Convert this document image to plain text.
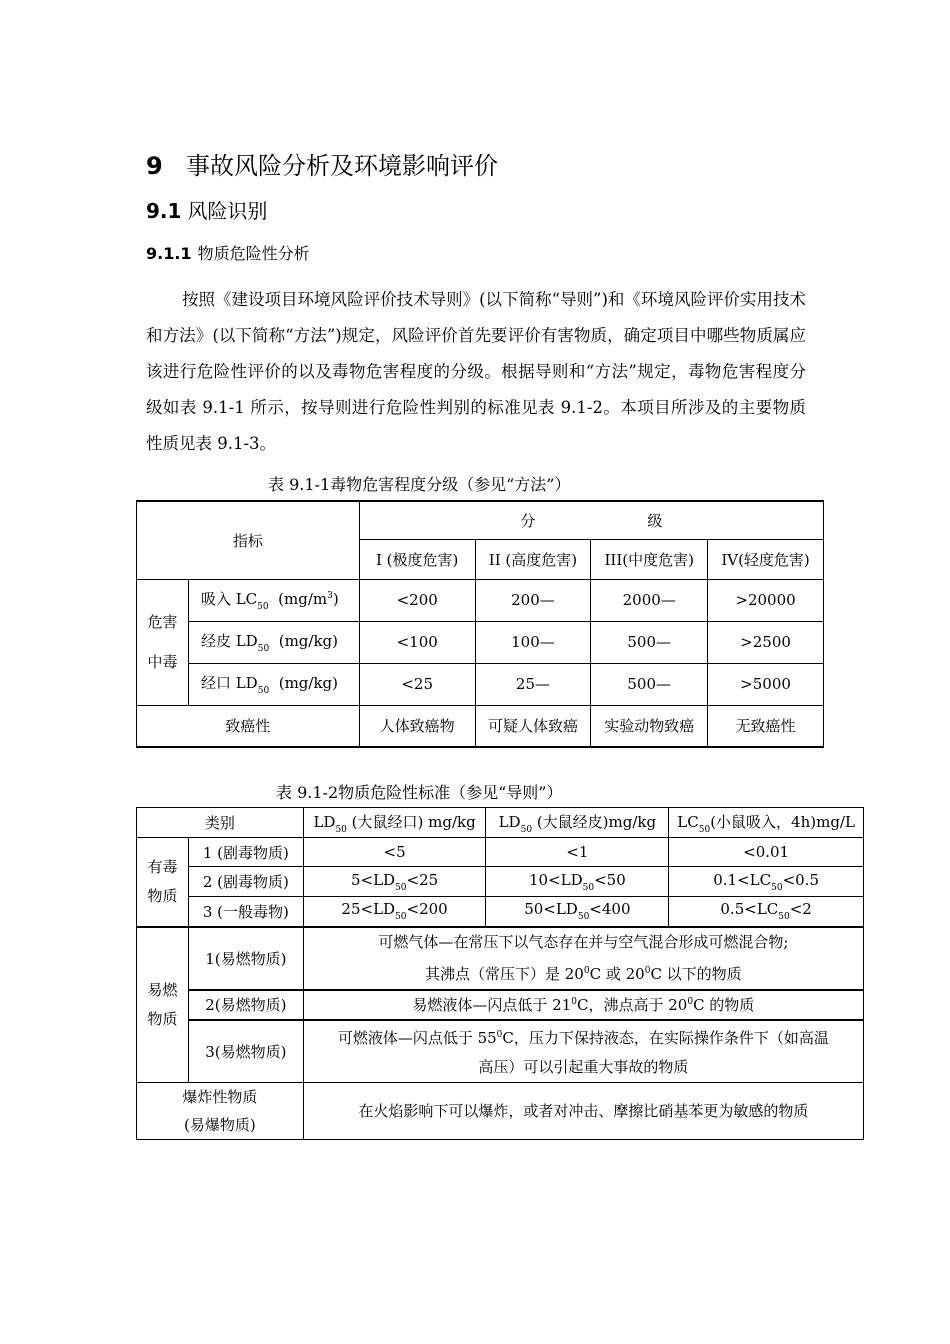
9 事故风险分析及环境影响评价
9.1 风险识别
9.1.1 物质危险性分析
按照《建设项目环境风险评价技术导则》(以下简称“导则”)和《环境风险评价实用技术和方法》(以下简称“方法”)规定，风险评价首先要评价有害物质，确定项目中哪些物质属应该进行危险性评价的以及毒物危害程度的分级。根据导则和“方法”规定，毒物危害程度分级如表 9.1-1 所示，按导则进行危险性判别的标准见表 9.1-2。本项目所涉及的主要物质性质见表 9.1-3。
表 9.1-1毒物危害程度分级（参见“方法”）
指标		分 级			
		I (极度危害)	II (高度危害)	III(中度危害)	IV(轻度危害)
危害中毒	吸入 $LC_{50}$ $(mg/m^3)$	<200	200—	2000—	>20000
	经皮 $LD_{50}$ (mg/kg)	<100	100—	500—	>2500
	经口 $LD_{50}$ (mg/kg)	<25	25—	500—	>5000
致癌性		人体致癌物	可疑人体致癌	实验动物致癌	无致癌性
表 9.1-2物质危险性标准（参见“导则”）
类别		$LD_{50}$ (大鼠经口) mg/kg	$LD_{50}$ (大鼠经皮)mg/kg	$LC_{50}$(小鼠吸入，4h)mg/L
有毒物质	1 (剧毒物质)	<5	<1	<0.01
	2 (剧毒物质)	$5<LD_{50}<25$	$10<LD_{50}<50$	$0.1<LC_{50}<0.5$
	3 (一般毒物)	$25<LD_{50}<200$	$50<LD_{50}<400$	$0.5<LC_{50}<2$
易燃物质	1(易燃物质)	可燃气体—在常压下以气态存在并与空气混合形成可燃混合物;
其沸点（常压下）是 $20^0C$ 或 $20^0C$ 以下的物质		
	2(易燃物质)	易燃液体—闪点低于 $21^0C$，沸点高于 $20^0C$ 的物质		
	3(易燃物质)	可燃液体—闪点低于 $55^0C$，压力下保持液态，在实际操作条件下（如高温
高压）可以引起重大事故的物质		
爆炸性物质
(易爆物质)		在火焰影响下可以爆炸，或者对冲击、摩擦比硝基苯更为敏感的物质		
